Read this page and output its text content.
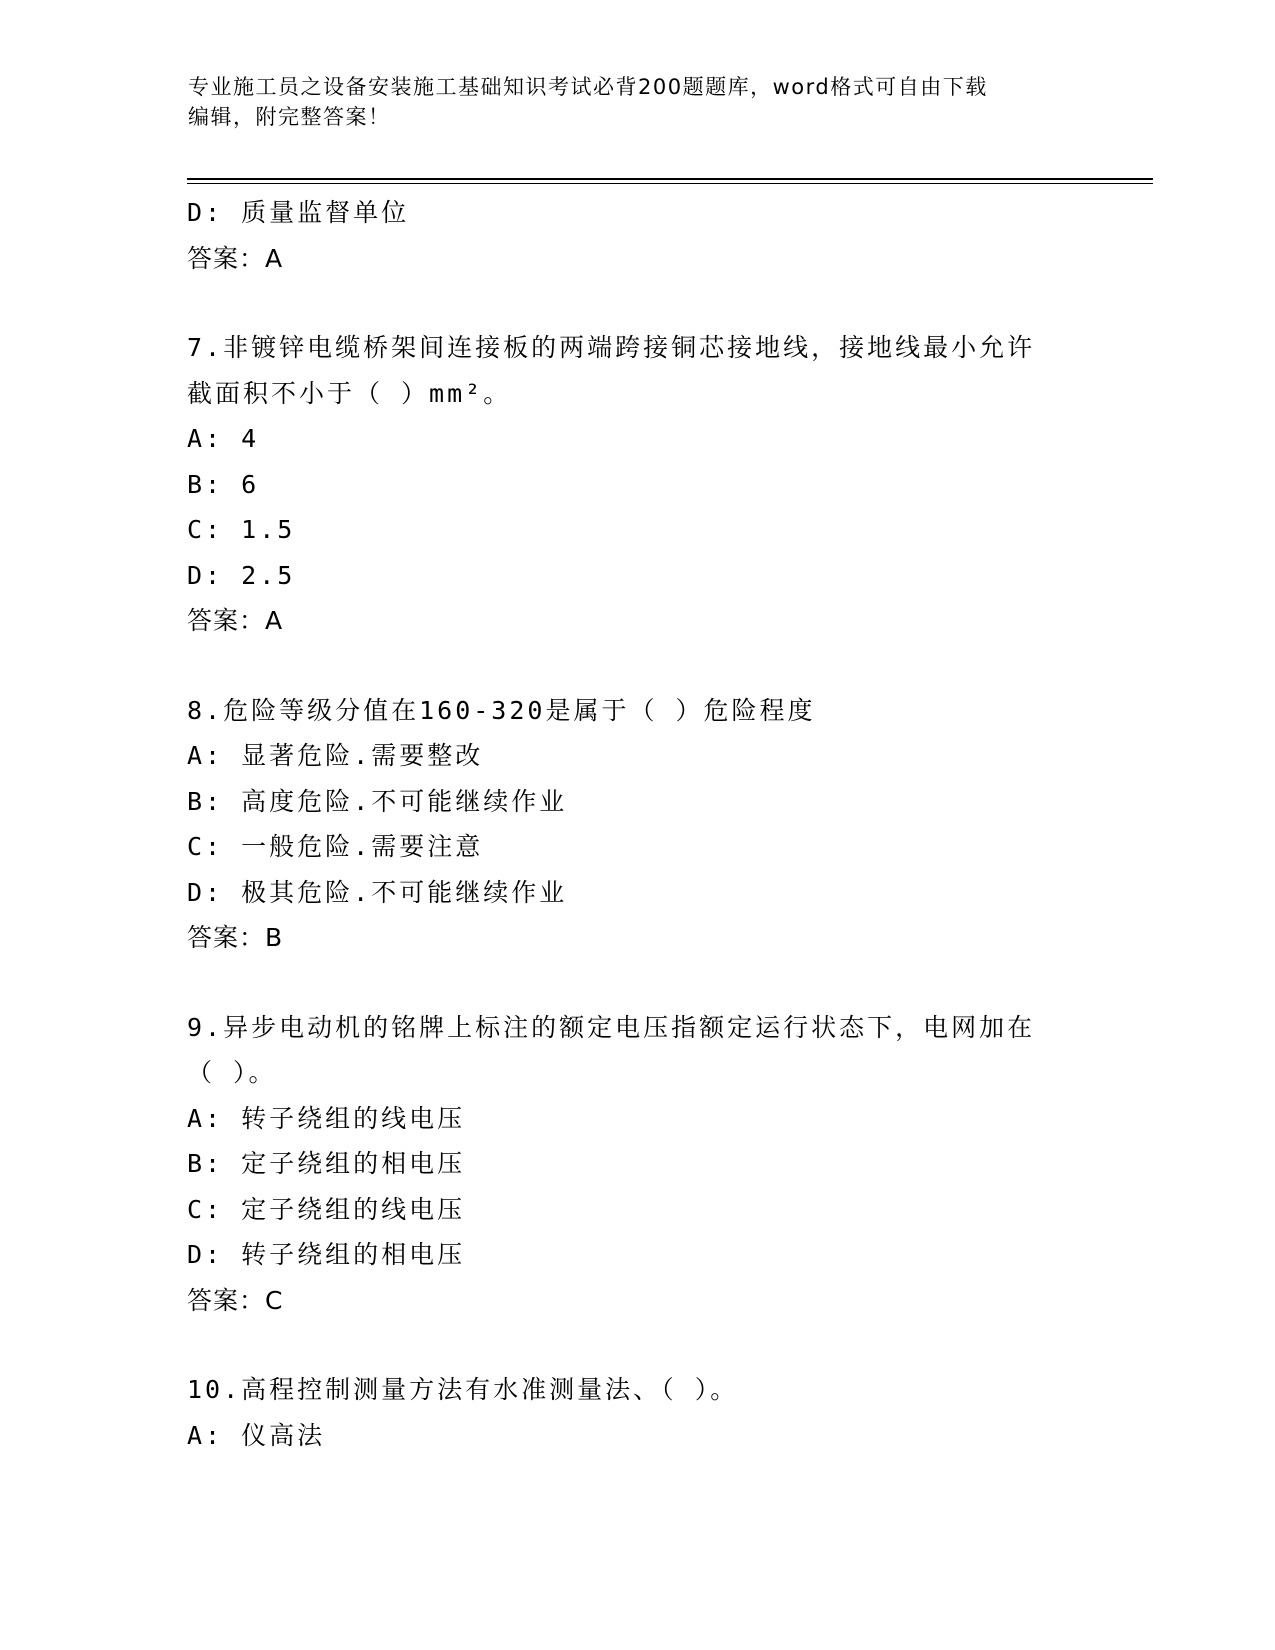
专业施工员之设备安装施工基础知识考试必背200题题库，word格式可自由下载
编辑，附完整答案！
D: 质量监督单位
答案：A
7.非镀锌电缆桥架间连接板的两端跨接铜芯接地线，接地线最小允许
截面积不小于（ ）mm²。
A: 4
B: 6
C: 1.5
D: 2.5
答案：A
8.危险等级分值在160-320是属于（ ）危险程度
A: 显著危险.需要整改
B: 高度危险.不可能继续作业
C: 一般危险.需要注意
D: 极其危险.不可能继续作业
答案：B
9.异步电动机的铭牌上标注的额定电压指额定运行状态下，电网加在
（ ）。
A: 转子绕组的线电压
B: 定子绕组的相电压
C: 定子绕组的线电压
D: 转子绕组的相电压
答案：C
10.高程控制测量方法有水准测量法、（ ）。
A: 仪高法
